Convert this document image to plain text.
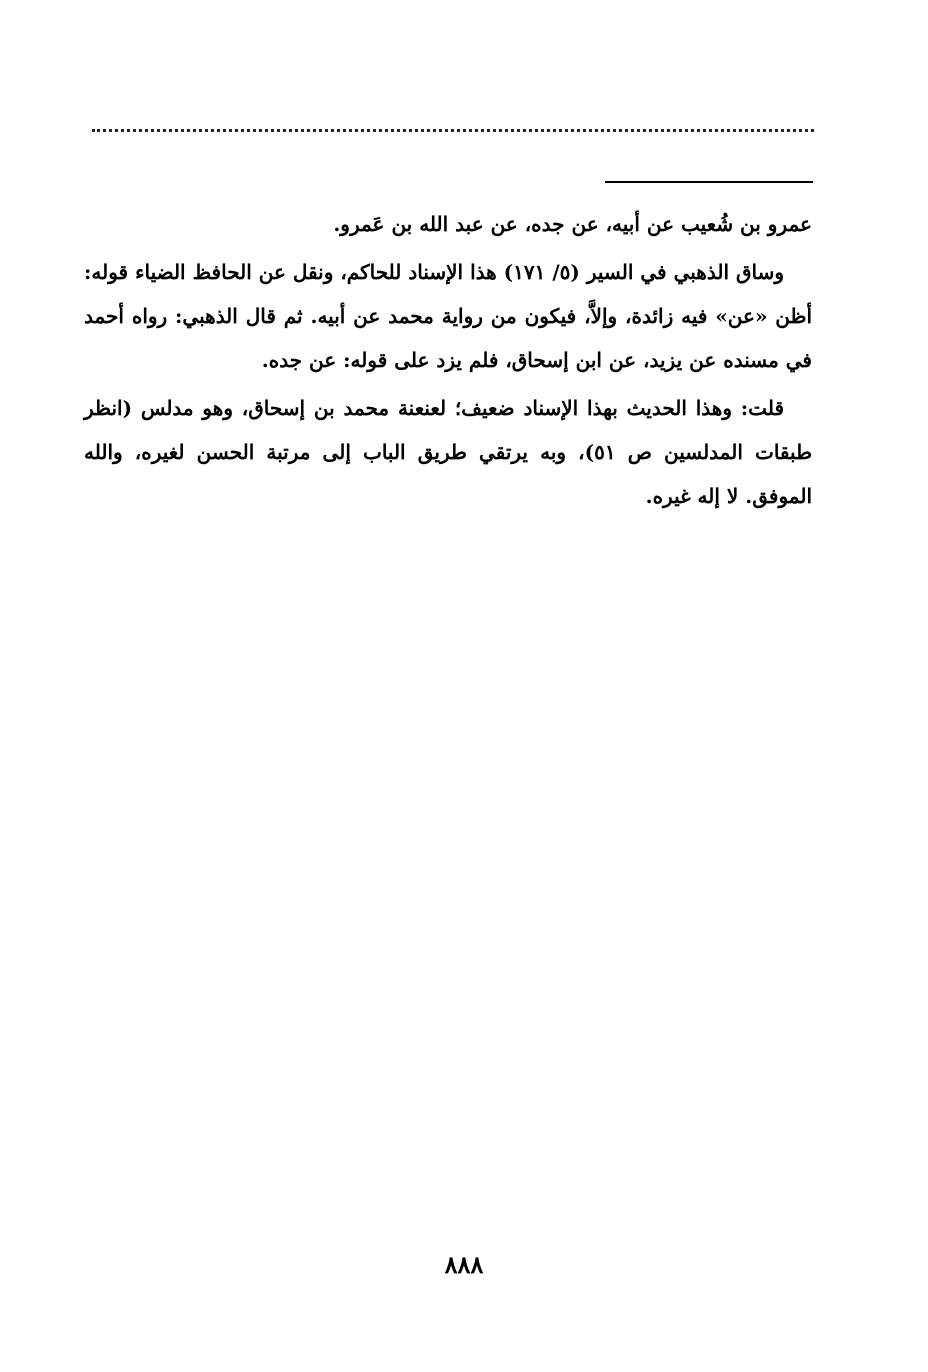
عمرو بن شُعيب عن أبيه، عن جده، عن عبد الله بن عَمرو.

وساق الذهبي في السير (٥/ ١٧١) هذا الإسناد للحاكم، ونقل عن الحافظ الضياء قوله: أظن «عن» فيه زائدة، وإلاَّ، فيكون من رواية محمد عن أبيه. ثم قال الذهبي: رواه أحمد في مسنده عن يزيد، عن ابن إسحاق، فلم يزد على قوله: عن جده.

قلت: وهذا الحديث بهذا الإسناد ضعيف؛ لعنعنة محمد بن إسحاق، وهو مدلس (انظر طبقات المدلسين ص ٥١)، وبه يرتقي طريق الباب إلى مرتبة الحسن لغيره، والله الموفق. لا إله غيره.

٨٨٨
